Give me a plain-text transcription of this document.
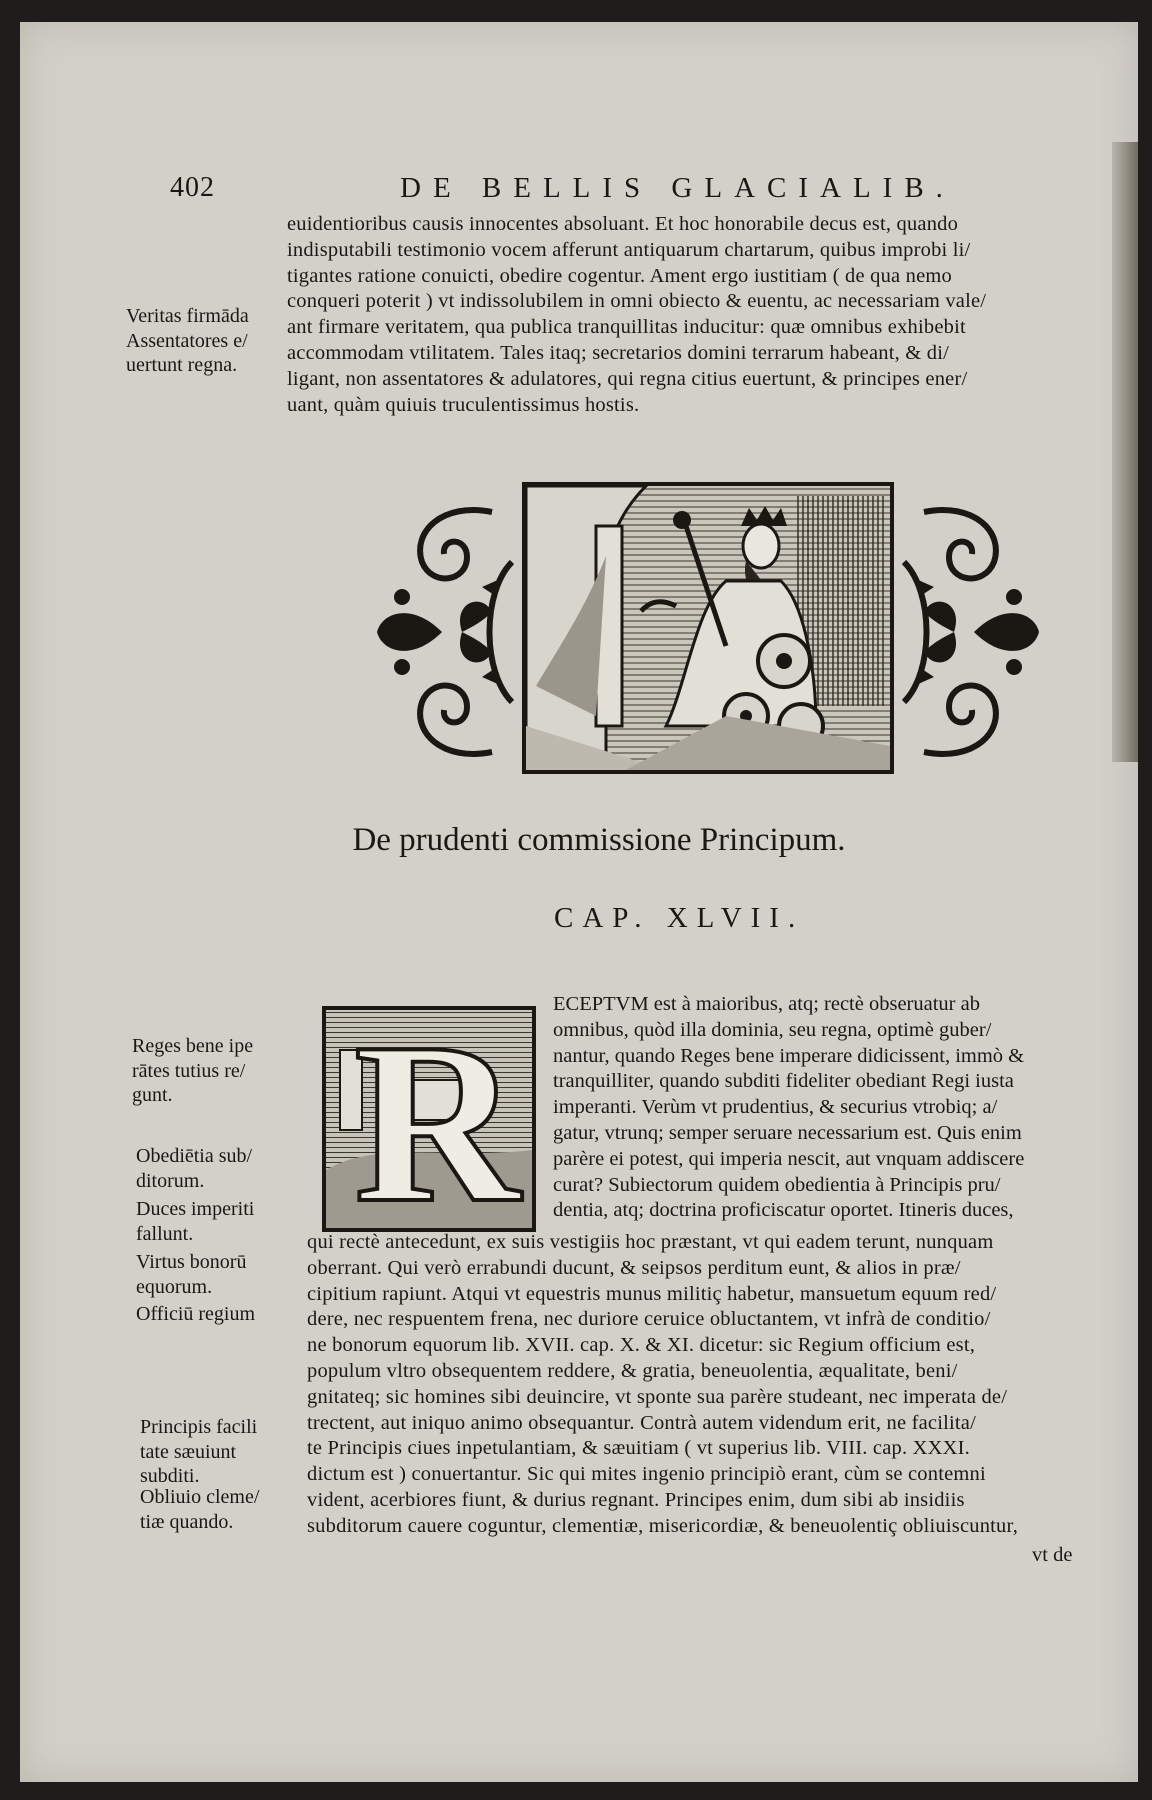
402	DE BELLIS GLACIALIB.
euidentioribus causis innocentes absoluant. Et hoc honorabile decus est, quando
indisputabili testimonio vocem afferunt antiquarum chartarum, quibus improbi li/
tigantes ratione conuicti, obedire cogentur. Ament ergo iustitiam ( de qua nemo
conqueri poterit ) vt indissolubilem in omni obiecto & euentu, ac necessariam vale/
ant firmare veritatem, qua publica tranquillitas inducitur: quæ omnibus exhibebit
accommodam vtilitatem. Tales itaq; secretarios domini terrarum habeant, & di/
ligant, non assentatores & adulatores, qui regna citius euertunt, & principes ener/
uant, quàm quiuis truculentissimus hostis.
Veritas firmāda
Assentatores e/
uertunt regna.
De prudenti commissione Principum.
CAP. XLVII.
R ECEPTVM est à maioribus, atq; rectè obseruatur ab
omnibus, quòd illa dominia, seu regna, optimè guber/
nantur, quando Reges bene imperare didicissent, immò &
tranquilliter, quando subditi fideliter obediant Regi iusta
imperanti. Verùm vt prudentius, & securius vtrobiq; a/
gatur, vtrunq; semper seruare necessarium est. Quis enim
parère ei potest, qui imperia nescit, aut vnquam addiscere
curat? Subiectorum quidem obedientia à Principis pru/
dentia, atq; doctrina proficiscatur oportet. Itineris duces,
qui rectè antecedunt, ex suis vestigiis hoc præstant, vt qui eadem terunt, nunquam
oberrant. Qui verò errabundi ducunt, & seipsos perditum eunt, & alios in præ/
cipitium rapiunt. Atqui vt equestris munus militiç habetur, mansuetum equum red/
dere, nec respuentem frena, nec duriore ceruice obluctantem, vt infrà de conditio/
ne bonorum equorum lib. XVII. cap. X. & XI. dicetur: sic Regium officium est,
populum vltro obsequentem reddere, & gratia, beneuolentia, æqualitate, beni/
gnitateq; sic homines sibi deuincire, vt sponte sua parère studeant, nec imperata de/
trectent, aut iniquo animo obsequantur. Contrà autem videndum erit, ne facilita/
te Principis ciues inpetulantiam, & sæuitiam ( vt superius lib. VIII. cap. XXXI.
dictum est ) conuertantur. Sic qui mites ingenio principiò erant, cùm se contemni
vident, acerbiores fiunt, & durius regnant. Principes enim, dum sibi ab insidiis
subditorum cauere coguntur, clementiæ, misericordiæ, & beneuolentiç obliuiscuntur,
vt de
Reges bene ipe
rātes tutius re/
gunt.
Obediētia sub/
ditorum.
Duces imperiti
fallunt.
Virtus bonorū
equorum.
Officiū regium
Principis facili
tate sæuiunt
subditi.
Obliuio cleme/
tiæ quando.
